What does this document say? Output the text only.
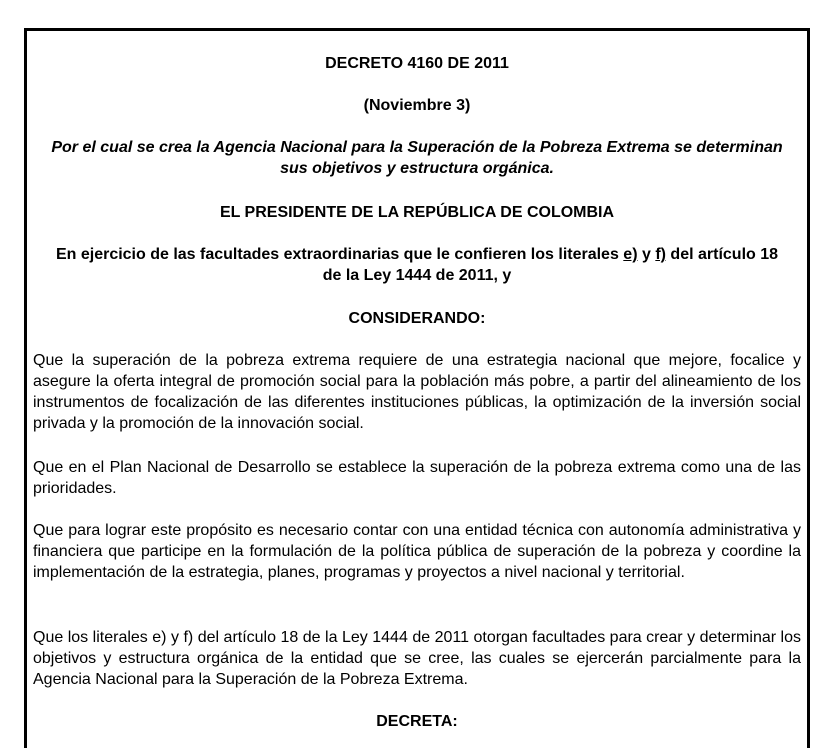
DECRETO 4160 DE 2011

(Noviembre 3)

Por el cual se crea la Agencia Nacional para la Superación de la Pobreza Extrema se determinan sus objetivos y estructura orgánica.

EL PRESIDENTE DE LA REPÚBLICA DE COLOMBIA

En ejercicio de las facultades extraordinarias que le confieren los literales e) y f) del artículo 18 de la Ley 1444 de 2011, y

CONSIDERANDO:

Que la superación de la pobreza extrema requiere de una estrategia nacional que mejore, focalice y asegure la oferta integral de promoción social para la población más pobre, a partir del alineamiento de los instrumentos de focalización de las diferentes instituciones públicas, la optimización de la inversión social privada y la promoción de la innovación social.

Que en el Plan Nacional de Desarrollo se establece la superación de la pobreza extrema como una de las prioridades.

Que para lograr este propósito es necesario contar con una entidad técnica con autonomía administrativa y financiera que participe en la formulación de la política pública de superación de la pobreza y coordine la implementación de la estrategia, planes, programas y proyectos a nivel nacional y territorial.

Que los literales e) y f) del artículo 18 de la Ley 1444 de 2011 otorgan facultades para crear y determinar los objetivos y estructura orgánica de la entidad que se cree, las cuales se ejercerán parcialmente para la Agencia Nacional para la Superación de la Pobreza Extrema.

DECRETA:
